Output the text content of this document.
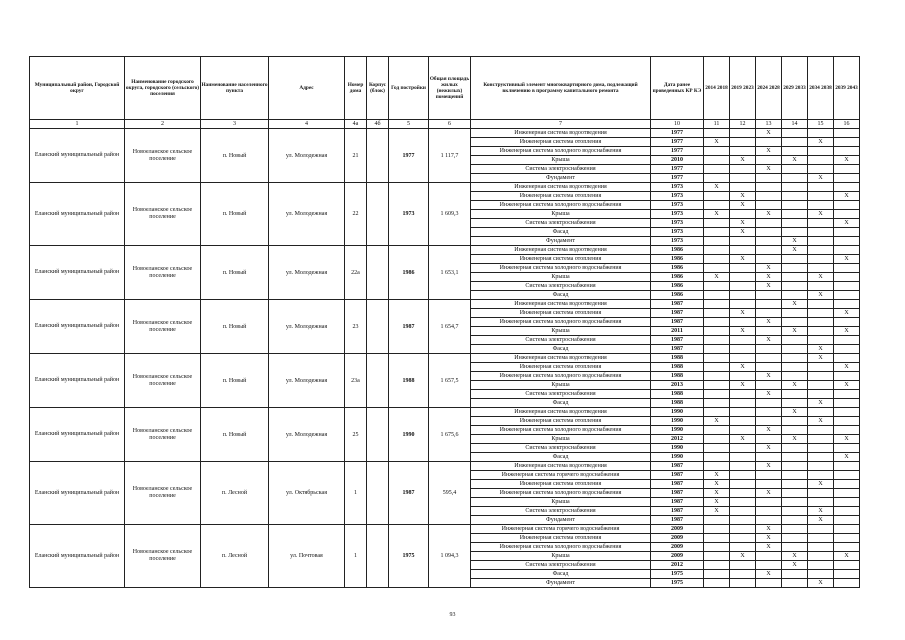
Муниципальный район, Городской округ	Наименование городского округа, городского (сельского) поселения	Наименование населенного пункта	Адрес	Номер дома	Корпус (блок)	Год постройки	Общая площадь жилых (нежилых) помещений	Конструктивный элемент многоквартирного дома, подлежащий включению в программу капитального ремонта	Дата ранее проведенных КР КЭ	2014 2018	2019 2023	2024 2028	2029 2033	2034 2038	2039 2043
1	2	3	4	4а	4б	5	6	7	10	11	12	13	14	15	16
Еланский муниципальный район	Новоеланское сельское поселение	п. Новый	ул. Молодежная	21		1977	1 117,7	Инженерная система водоотведения	1977			X			
								Инженерная система отопления	1977	X				X	
								Инженерная система холодного водоснабжения	1977			X			
								Крыша	2010		X		X		X
								Система электроснабжения	1977			X			
								Фундамент	1977					X	
Еланский муниципальный район	Новоеланское сельское поселение	п. Новый	ул. Молодежная	22		1973	1 609,3	Инженерная система водоотведения	1973	X					
								Инженерная система отопления	1973		X				X
								Инженерная система холодного водоснабжения	1973		X				
								Крыша	1973	X		X		X	
								Система электроснабжения	1973		X				X
								Фасад	1973		X				
								Фундамент	1973				X		
Еланский муниципальный район	Новоеланское сельское поселение	п. Новый	ул. Молодежная	22а		1986	1 653,1	Инженерная система водоотведения	1986				X		
								Инженерная система отопления	1986		X				X
								Инженерная система холодного водоснабжения	1986			X			
								Крыша	1986	X		X		X	
								Система электроснабжения	1986			X			
								Фасад	1986					X	
Еланский муниципальный район	Новоеланское сельское поселение	п. Новый	ул. Молодежная	23		1987	1 654,7	Инженерная система водоотведения	1987				X		
								Инженерная система отопления	1987		X				X
								Инженерная система холодного водоснабжения	1987			X			
								Крыша	2011		X		X		X
								Система электроснабжения	1987			X			
								Фасад	1987					X	
Еланский муниципальный район	Новоеланское сельское поселение	п. Новый	ул. Молодежная	23а		1988	1 657,5	Инженерная система водоотведения	1988					X	
								Инженерная система отопления	1988		X				X
								Инженерная система холодного водоснабжения	1988			X			
								Крыша	2013		X		X		X
								Система электроснабжения	1988			X			
								Фасад	1988					X	
Еланский муниципальный район	Новоеланское сельское поселение	п. Новый	ул. Молодежная	25		1990	1 675,6	Инженерная система водоотведения	1990				X		
								Инженерная система отопления	1990	X				X	
								Инженерная система холодного водоснабжения	1990			X			
								Крыша	2012		X		X		X
								Система электроснабжения	1990			X			
								Фасад	1990						X
Еланский муниципальный район	Новоеланское сельское поселение	п. Лесной	ул. Октябрьская	1		1987	595,4	Инженерная система водоотведения	1987			X			
								Инженерная система горячего водоснабжения	1987	X					
								Инженерная система отопления	1987	X				X	
								Инженерная система холодного водоснабжения	1987	X		X			
								Крыша	1987	X					
								Система электроснабжения	1987	X				X	
								Фундамент	1987					X	
Еланский муниципальный район	Новоеланское сельское поселение	п. Лесной	ул. Почтовая	1		1975	1 094,3	Инженерная система горячего водоснабжения	2009			X			
								Инженерная система отопления	2009			X			
								Инженерная система холодного водоснабжения	2009			X			
								Крыша	2009		X		X		X
								Система электроснабжения	2012				X		
								Фасад	1975			X			
								Фундамент	1975					X	
93
